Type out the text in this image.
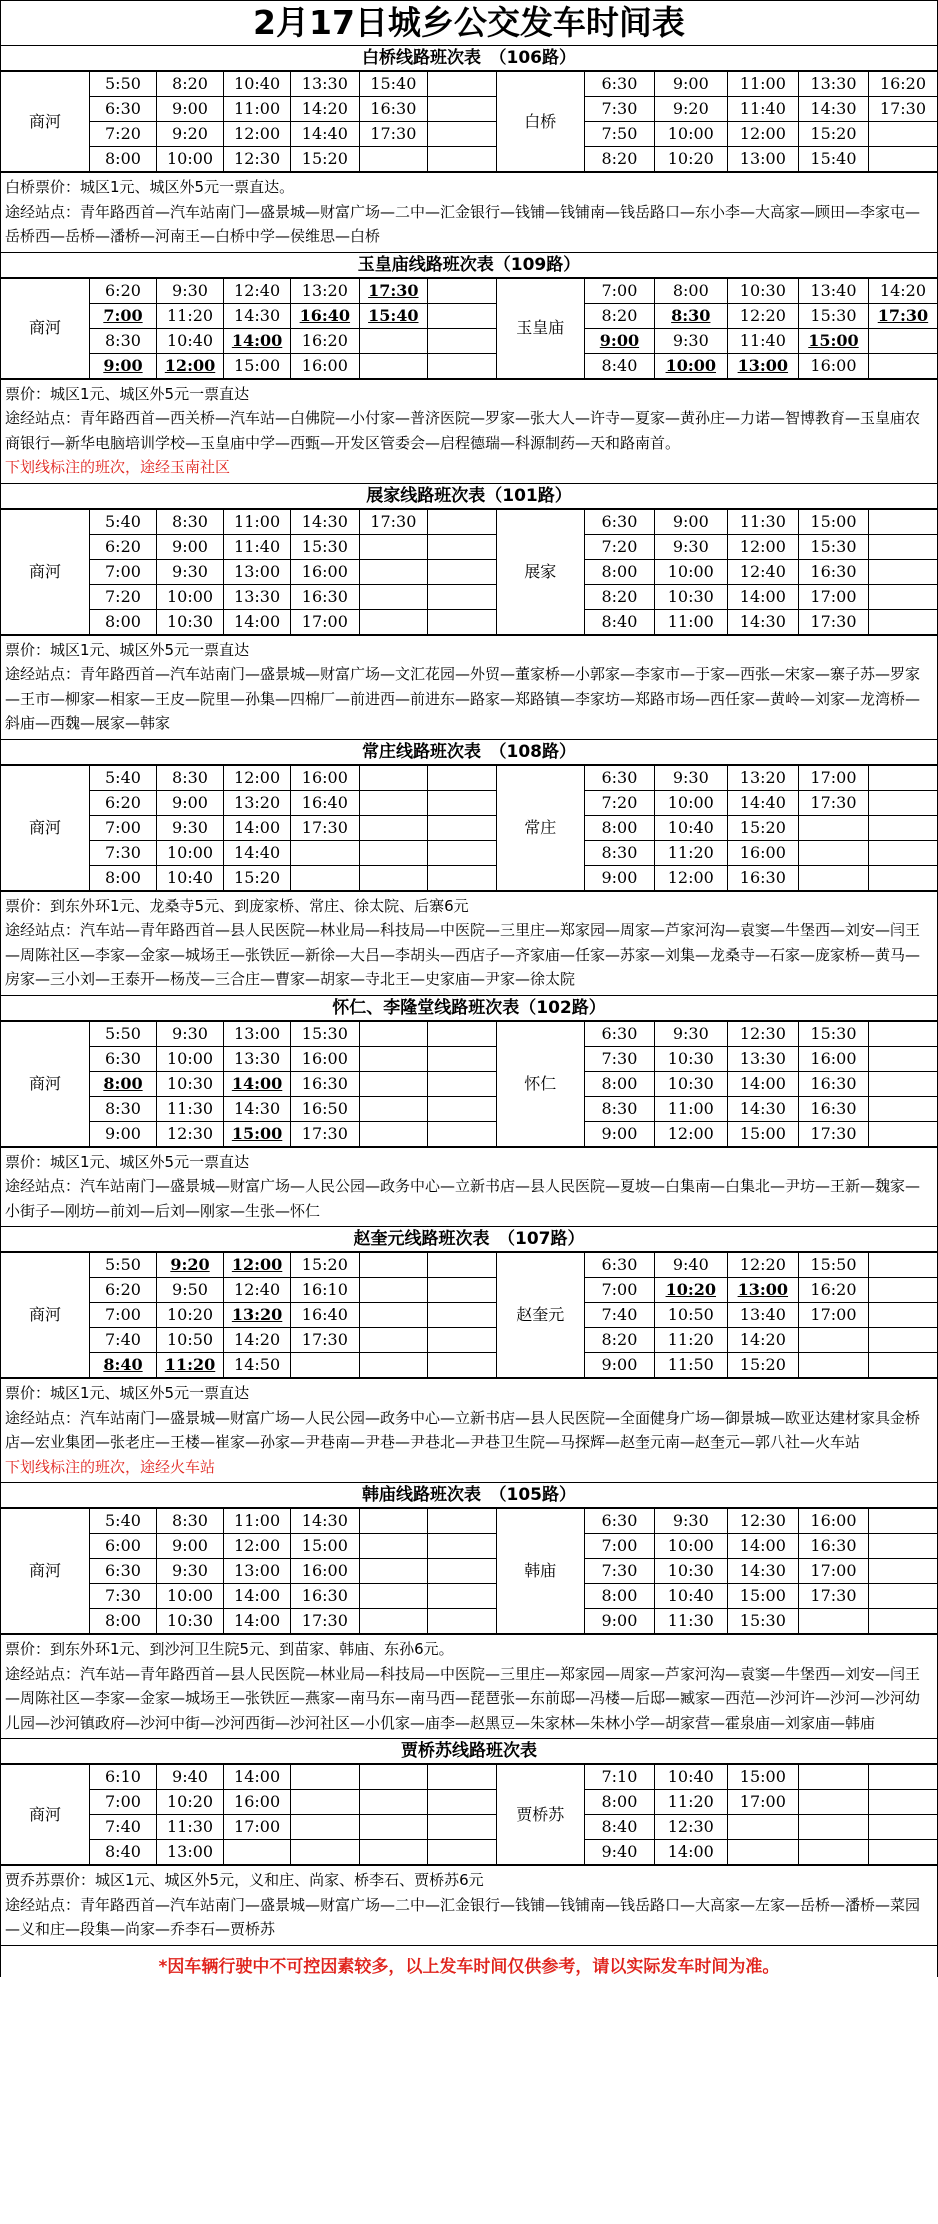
2月17日城乡公交发车时间表
白桥线路班次表　（106路）
商河	5:50	8:20	10:40	13:30	15:40		白桥	6:30	9:00	11:00	13:30	16:20
	6:30	9:00	11:00	14:20	16:30			7:30	9:20	11:40	14:30	17:30
	7:20	9:20	12:00	14:40	17:30			7:50	10:00	12:00	15:20	
	8:00	10:00	12:30	15:20				8:20	10:20	13:00	15:40	
白桥票价：城区1元、城区外5元一票直达。
途经站点：青年路西首—汽车站南门—盛景城—财富广场—二中—汇金银行—钱铺—钱铺南—钱岳路口—东小李—大高家—顾田—李家屯—岳桥西—岳桥—潘桥—河南王—白桥中学—侯维思—白桥
玉皇庙线路班次表（109路）
商河	6:20	9:30	12:40	13:20	17:30		玉皇庙	7:00	8:00	10:30	13:40	14:20
	7:00	11:20	14:30	16:40	15:40			8:20	8:30	12:20	15:30	17:30
	8:30	10:40	14:00	16:20				9:00	9:30	11:40	15:00	
	9:00	12:00	15:00	16:00				8:40	10:00	13:00	16:00	
票价：城区1元、城区外5元一票直达
途经站点：青年路西首—西关桥—汽车站—白佛院—小付家—普济医院—罗家—张大人—许寺—夏家—黄孙庄—力诺—智博教育—玉皇庙农商银行—新华电脑培训学校—玉皇庙中学—西甄—开发区管委会—启程德瑞—科源制药—天和路南首。
下划线标注的班次，途经玉南社区
展家线路班次表（101路）
商河	5:40	8:30	11:00	14:30	17:30		展家	6:30	9:00	11:30	15:00	
	6:20	9:00	11:40	15:30				7:20	9:30	12:00	15:30	
	7:00	9:30	13:00	16:00				8:00	10:00	12:40	16:30	
	7:20	10:00	13:30	16:30				8:20	10:30	14:00	17:00	
	8:00	10:30	14:00	17:00				8:40	11:00	14:30	17:30	
票价：城区1元、城区外5元一票直达
途经站点：青年路西首—汽车站南门—盛景城—财富广场—文汇花园—外贸—董家桥—小郭家—李家市—于家—西张—宋家—寨子苏—罗家—王市—柳家—相家—王皮—院里—孙集—四棉厂—前进西—前进东—路家—郑路镇—李家坊—郑路市场—西任家—黄岭—刘家—龙湾桥—斜庙—西魏—展家—韩家
常庄线路班次表　（108路）
商河	5:40	8:30	12:00	16:00			常庄	6:30	9:30	13:20	17:00	
	6:20	9:00	13:20	16:40				7:20	10:00	14:40	17:30	
	7:00	9:30	14:00	17:30				8:00	10:40	15:20		
	7:30	10:00	14:40					8:30	11:20	16:00		
	8:00	10:40	15:20					9:00	12:00	16:30		
票价：到东外环1元、龙桑寺5元、到庞家桥、常庄、徐太院、后寨6元
途经站点：汽车站—青年路西首—县人民医院—林业局—科技局—中医院—三里庄—郑家园—周家—芦家河沟—袁窦—牛堡西—刘安—闫王—周陈社区—李家—金家—城场王—张铁匠—新徐—大吕—李胡头—西店子—齐家庙—任家—苏家—刘集—龙桑寺—石家—庞家桥—黄马—房家—三小刘—王泰开—杨茂—三合庄—曹家—胡家—寺北王—史家庙—尹家—徐太院
怀仁、李隆堂线路班次表（102路）
商河	5:50	9:30	13:00	15:30			怀仁	6:30	9:30	12:30	15:30	
	6:30	10:00	13:30	16:00				7:30	10:30	13:30	16:00	
	8:00	10:30	14:00	16:30				8:00	10:30	14:00	16:30	
	8:30	11:30	14:30	16:50				8:30	11:00	14:30	16:30	
	9:00	12:30	15:00	17:30				9:00	12:00	15:00	17:30	
票价：城区1元、城区外5元一票直达
途经站点：汽车站南门—盛景城—财富广场—人民公园—政务中心—立新书店—县人民医院—夏坡—白集南—白集北—尹坊—王新—魏家—小街子—刚坊—前刘—后刘—刚家—生张—怀仁
赵奎元线路班次表　（107路）
商河	5:50	9:20	12:00	15:20			赵奎元	6:30	9:40	12:20	15:50	
	6:20	9:50	12:40	16:10				7:00	10:20	13:00	16:20	
	7:00	10:20	13:20	16:40				7:40	10:50	13:40	17:00	
	7:40	10:50	14:20	17:30				8:20	11:20	14:20		
	8:40	11:20	14:50					9:00	11:50	15:20		
票价：城区1元、城区外5元一票直达
途经站点：汽车站南门—盛景城—财富广场—人民公园—政务中心—立新书店—县人民医院—全面健身广场—御景城—欧亚达建材家具金桥店—宏业集团—张老庄—王楼—崔家—孙家—尹巷南—尹巷—尹巷北—尹巷卫生院—马探辉—赵奎元南—赵奎元—郭八社—火车站
下划线标注的班次，途经火车站
韩庙线路班次表　（105路）
商河	5:40	8:30	11:00	14:30			韩庙	6:30	9:30	12:30	16:00	
	6:00	9:00	12:00	15:00				7:00	10:00	14:00	16:30	
	6:30	9:30	13:00	16:00				7:30	10:30	14:30	17:00	
	7:30	10:00	14:00	16:30				8:00	10:40	15:00	17:30	
	8:00	10:30	14:00	17:30				9:00	11:30	15:30		
票价：到东外环1元、到沙河卫生院5元、到苗家、韩庙、东孙6元。
途经站点：汽车站—青年路西首—县人民医院—林业局—科技局—中医院—三里庄—郑家园—周家—芦家河沟—袁窦—牛堡西—刘安—闫王—周陈社区—李家—金家—城场王—张铁匠—燕家—南马东—南马西—琵琶张—东前邸—冯楼—后邸—臧家—西范—沙河许—沙河—沙河幼儿园—沙河镇政府—沙河中街—沙河西街—沙河社区—小仉家—庙李—赵黑豆—朱家林—朱林小学—胡家营—霍泉庙—刘家庙—韩庙
贾桥苏线路班次表
商河	6:10	9:40	14:00				贾桥苏	7:10	10:40	15:00		
	7:00	10:20	16:00					8:00	11:20	17:00		
	7:40	11:30	17:00					8:40	12:30			
	8:40	13:00						9:40	14:00			
贾乔苏票价：城区1元、城区外5元，义和庄、尚家、桥李石、贾桥苏6元
途经站点：青年路西首—汽车站南门—盛景城—财富广场—二中—汇金银行—钱铺—钱铺南—钱岳路口—大高家—左家—岳桥—潘桥—菜园—义和庄—段集—尚家—乔李石—贾桥苏
*因车辆行驶中不可控因素较多，以上发车时间仅供参考，请以实际发车时间为准。
